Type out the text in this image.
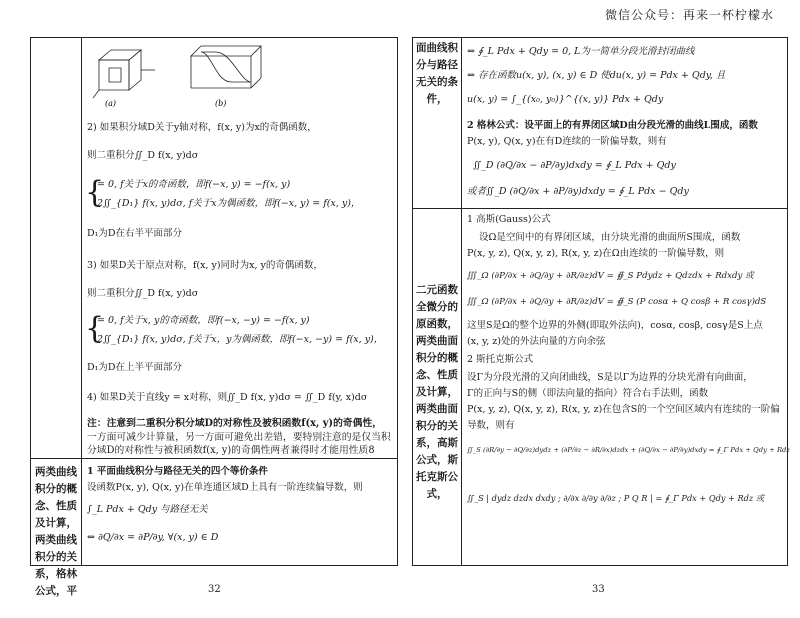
微信公众号：再来一杯柠檬水
(a)	(b)
2) 如果积分域D关于y轴对称，f(x, y)为x的奇偶函数，
则二重积分∬_D f(x, y)dσ
{
= 0, f关于x的奇函数，即f(−x, y) = −f(x, y)
2∬_{D₁} f(x, y)dσ, f关于x为偶函数，即f(−x, y) = f(x, y)，
D₁为D在右半平面部分
3) 如果D关于原点对称，f(x, y)同时为x, y的奇偶函数，
则二重积分∬_D f(x, y)dσ
{
= 0, f关于x, y的奇函数，即f(−x, −y) = −f(x, y)
2∬_{D₁} f(x, y)dσ, f关于x，y为偶函数，即f(−x, −y) = f(x, y)，
D₁为D在上半平面部分
4) 如果D关于直线y = x对称，则∬_D f(x, y)dσ = ∬_D f(y, x)dσ
注：注意到二重积分积分域D的对称性及被积函数f(x, y)的奇偶性，
一方面可减少计算量，另一方面可避免出差错，要特别注意的是仅当积
分域D的对称性与被积函数f(x, y)的奇偶性两者兼得时才能用性质8
两类曲线积分的概念、性质及计算，两类曲线积分的关系，格林公式，平
1 平面曲线积分与路径无关的四个等价条件
设函数P(x, y), Q(x, y)在单连通区域D上具有一阶连续偏导数，则
∫_L Pdx + Qdy 与路径无关
⇔ ∂Q/∂x = ∂P/∂y, ∀(x, y) ∈ D
32
面曲线积分与路径无关的条件，
⇔ ∮_L Pdx + Qdy = 0, L为一简单分段光滑封闭曲线
⇔ 存在函数u(x, y), (x, y) ∈ D 使du(x, y) = Pdx + Qdy, 且
u(x, y) = ∫_{(x₀, y₀)}^{(x, y)} Pdx + Qdy
2 格林公式：设平面上的有界闭区域D由分段光滑的曲线L围成，函数
P(x, y), Q(x, y)在有D连续的一阶偏导数，则有
∬_D (∂Q/∂x − ∂P/∂y)dxdy = ∮_L Pdx + Qdy
或者∬_D (∂Q/∂x + ∂P/∂y)dxdy = ∮_L Pdx − Qdy
二元函数全微分的原函数，两类曲面积分的概念、性质及计算，两类曲面积分的关系，高斯公式，斯托克斯公式，
1 高斯(Gauss)公式
设Ω是空间中的有界闭区域，由分块光滑的曲面所S围成，函数
P(x, y, z), Q(x, y, z), R(x, y, z)在Ω由连续的一阶偏导数，则
∭_Ω (∂P/∂x + ∂Q/∂y + ∂R/∂z)dV = ∯_S Pdydz + Qdzdx + Rdxdy 或
∭_Ω (∂P/∂x + ∂Q/∂y + ∂R/∂z)dV = ∯_S (P cosα + Q cosβ + R cosγ)dS
这里S是Ω的整个边界的外侧(即取外法向)，cosα, cosβ, cosγ是S上点
(x, y, z)处的外法向量的方向余弦
2 斯托克斯公式
设Γ为分段光滑的又向闭曲线，S是以Γ为边界的分块光滑有向曲面，
Γ的正向与S的侧（即法向量的指向）符合右手法则，函数
P(x, y, z), Q(x, y, z), R(x, y, z)在包含S的一个空间区域内有连续的一阶偏
导数，则有
∬_S (∂R/∂y − ∂Q/∂z)dydz + (∂P/∂z − ∂R/∂x)dzdx + (∂Q/∂x − ∂P/∂y)dxdy = ∮_Γ Pdx + Qdy + Rdz
∬_S | dydz dzdx dxdy ; ∂/∂x ∂/∂y ∂/∂z ; P Q R | = ∮_Γ Pdx + Qdy + Rdz 或
33
